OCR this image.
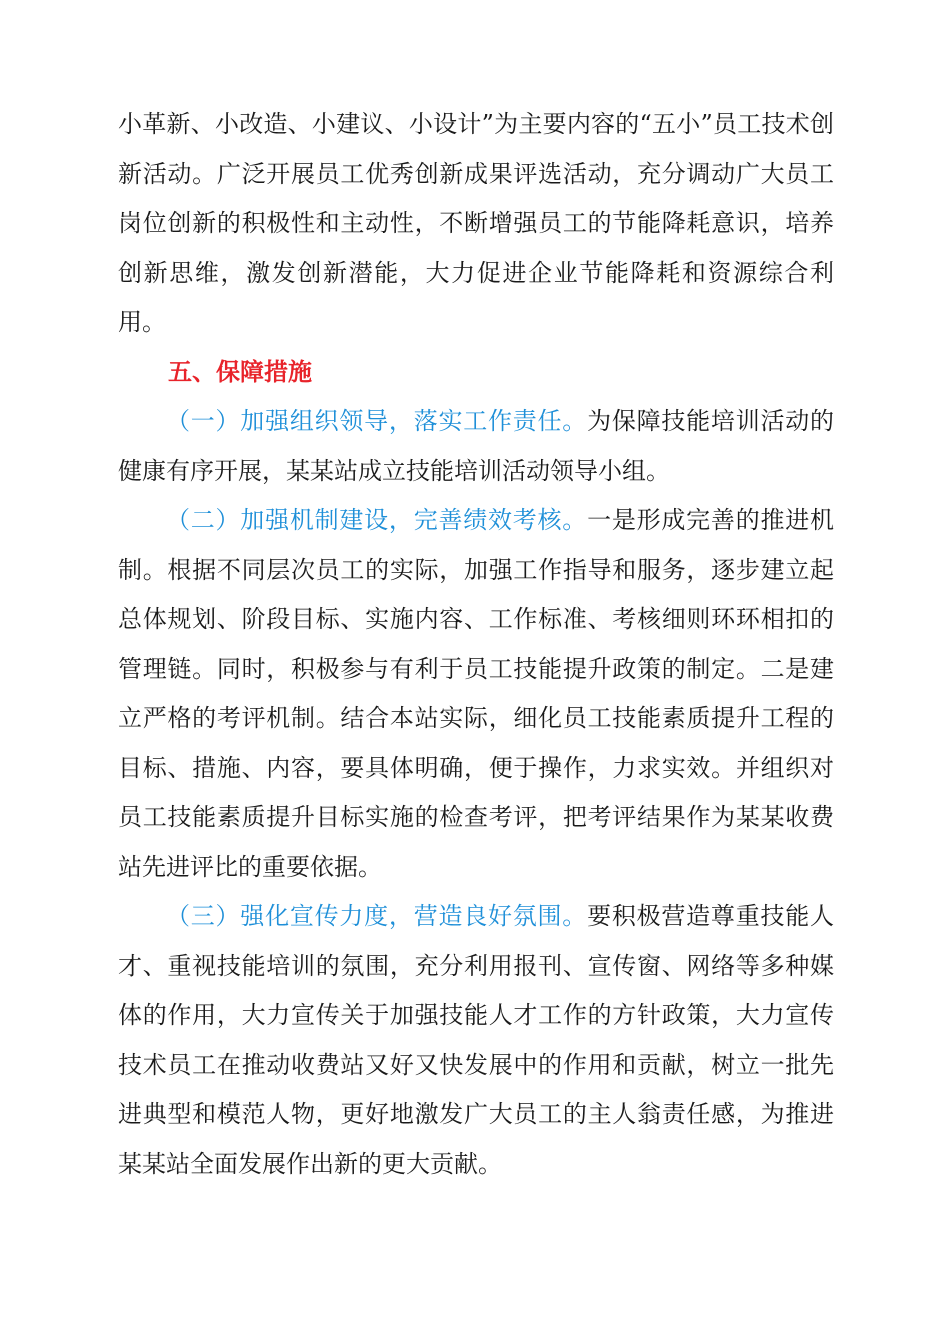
小革新、小改造、小建议、小设计”为主要内容的“五小”员工技术创新活动。广泛开展员工优秀创新成果评选活动，充分调动广大员工岗位创新的积极性和主动性，不断增强员工的节能降耗意识，培养创新思维，激发创新潜能，大力促进企业节能降耗和资源综合利用。

五、保障措施

（一）加强组织领导，落实工作责任。为保障技能培训活动的健康有序开展，某某站成立技能培训活动领导小组。

（二）加强机制建设，完善绩效考核。一是形成完善的推进机制。根据不同层次员工的实际，加强工作指导和服务，逐步建立起总体规划、阶段目标、实施内容、工作标准、考核细则环环相扣的管理链。同时，积极参与有利于员工技能提升政策的制定。二是建立严格的考评机制。结合本站实际，细化员工技能素质提升工程的目标、措施、内容，要具体明确，便于操作，力求实效。并组织对员工技能素质提升目标实施的检查考评，把考评结果作为某某收费站先进评比的重要依据。

（三）强化宣传力度，营造良好氛围。要积极营造尊重技能人才、重视技能培训的氛围，充分利用报刊、宣传窗、网络等多种媒体的作用，大力宣传关于加强技能人才工作的方针政策，大力宣传技术员工在推动收费站又好又快发展中的作用和贡献，树立一批先进典型和模范人物，更好地激发广大员工的主人翁责任感，为推进某某站全面发展作出新的更大贡献。
